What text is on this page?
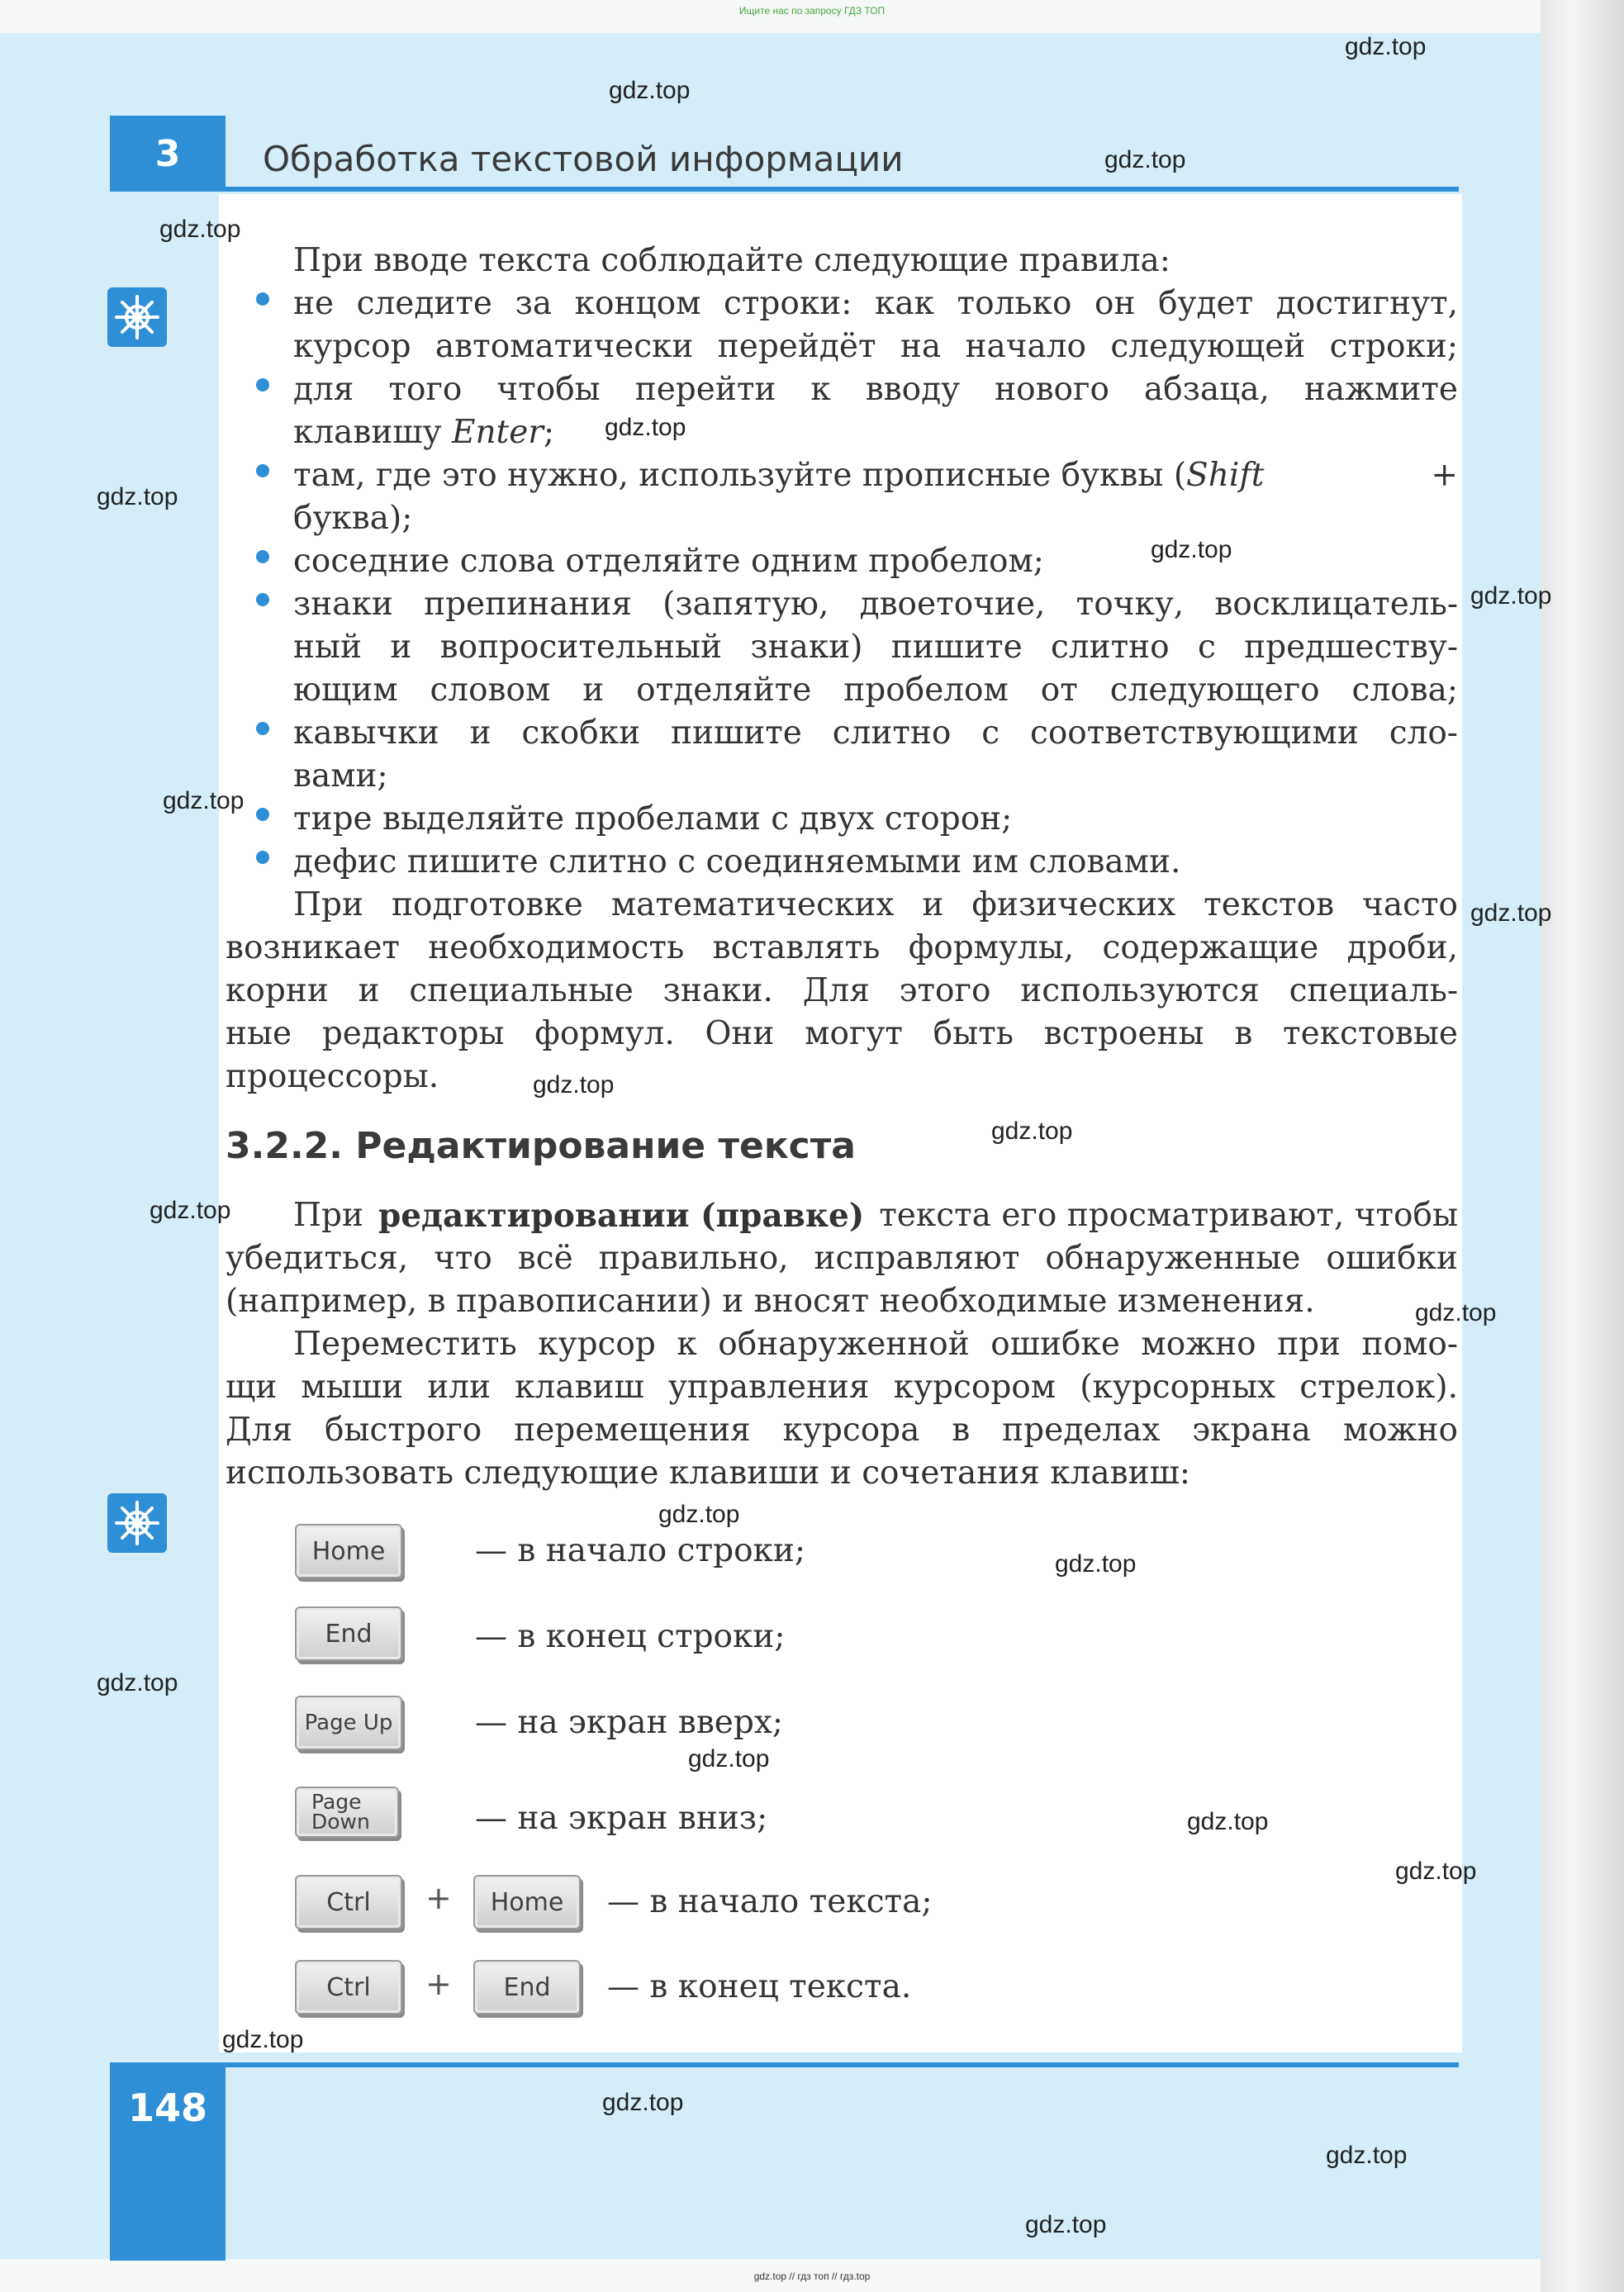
Ищите нас по запросу ГДЗ ТОП
3	Обработка текстовой информации
При вводе текста соблюдайте следующие правила:
не следите за концом строки: как только он будет достигнут,
курсор автоматически перейдёт на начало следующей строки;
для того чтобы перейти к вводу нового абзаца, нажмите
клавишу Enter;
там, где это нужно, используйте прописные буквы (Shift	+
буква);
соседние слова отделяйте одним пробелом;
знаки препинания (запятую, двоеточие, точку, восклицатель-
ный и вопросительный знаки) пишите слитно с предшеству-
ющим словом и отделяйте пробелом от следующего слова;
кавычки и скобки пишите слитно с соответствующими сло-
вами;
тире выделяйте пробелами с двух сторон;
дефис пишите слитно с соединяемыми им словами.
При подготовке математических и физических текстов часто
возникает необходимость вставлять формулы, содержащие дроби,
корни и специальные знаки. Для этого используются специаль-
ные редакторы формул. Они могут быть встроены в текстовые
процессоры.
3.2.2. Редактирование текста
При редактировании (правке) текста его просматривают, чтобы
убедиться, что всё правильно, исправляют обнаруженные ошибки
(например, в правописании) и вносят необходимые изменения.
Переместить курсор к обнаруженной ошибке можно при помо-
щи мыши или клавиш управления курсором (курсорных стрелок).
Для быстрого перемещения курсора в пределах экрана можно
использовать следующие клавиши и сочетания клавиш:
Home	— в начало строки;
End	— в конец строки;
Page Up	— на экран вверх;
Page
Down	— на экран вниз;
Ctrl	+	Home	— в начало текста;
Ctrl	+	End	— в конец текста.
148
gdz.top
gdz.top
gdz.top
gdz.top
gdz.top
gdz.top
gdz.top
gdz.top
gdz.top
gdz.top
gdz.top
gdz.top
gdz.top
gdz.top
gdz.top
gdz.top
gdz.top
gdz.top
gdz.top
gdz.top
gdz.top
gdz.top
gdz.top
gdz.top
gdz.top // гдз топ // гдз.top
